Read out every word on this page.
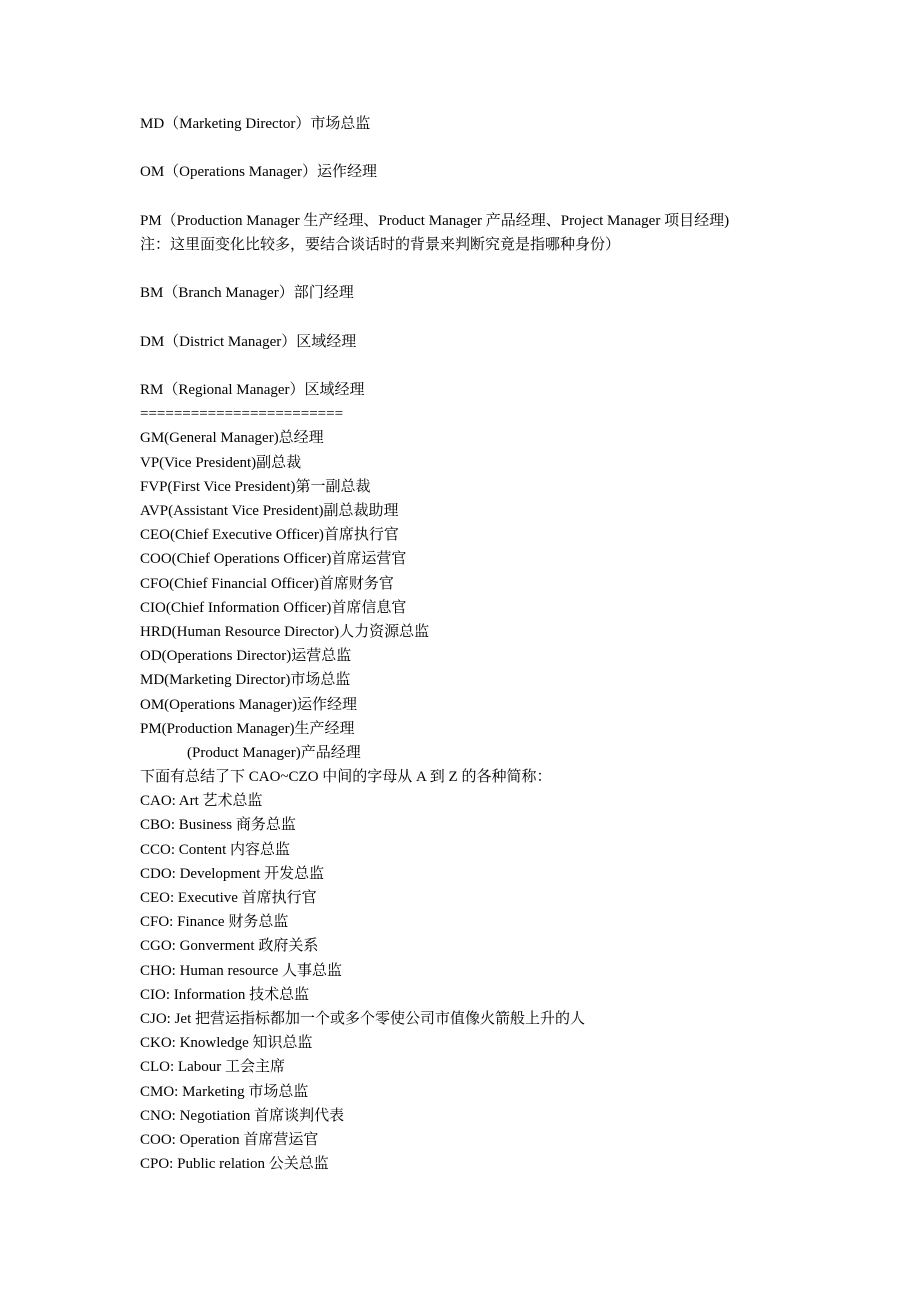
MD（Marketing Director）市场总监
OM（Operations Manager）运作经理
PM（Production Manager 生产经理、Product Manager 产品经理、Project Manager 项目经理)
注：这里面变化比较多，要结合谈话时的背景来判断究竟是指哪种身份）
BM（Branch Manager）部门经理
DM（District Manager）区域经理
RM（Regional Manager）区域经理
========================
GM(General Manager)总经理
VP(Vice President)副总裁
FVP(First Vice President)第一副总裁
AVP(Assistant Vice President)副总裁助理
CEO(Chief Executive Officer)首席执行官
COO(Chief Operations Officer)首席运营官
CFO(Chief Financial Officer)首席财务官
CIO(Chief Information Officer)首席信息官
HRD(Human Resource Director)人力资源总监
OD(Operations Director)运营总监
MD(Marketing Director)市场总监
OM(Operations Manager)运作经理
PM(Production Manager)生产经理
(Product Manager)产品经理
下面有总结了下 CAO~CZO 中间的字母从 A 到 Z 的各种简称：
CAO: Art 艺术总监
CBO: Business 商务总监
CCO: Content 内容总监
CDO: Development 开发总监
CEO: Executive 首席执行官
CFO: Finance 财务总监
CGO: Gonverment 政府关系
CHO: Human resource 人事总监
CIO: Information 技术总监
CJO: Jet 把营运指标都加一个或多个零使公司市值像火箭般上升的人
CKO: Knowledge 知识总监
CLO: Labour 工会主席
CMO: Marketing 市场总监
CNO: Negotiation 首席谈判代表
COO: Operation 首席营运官
CPO: Public relation 公关总监
